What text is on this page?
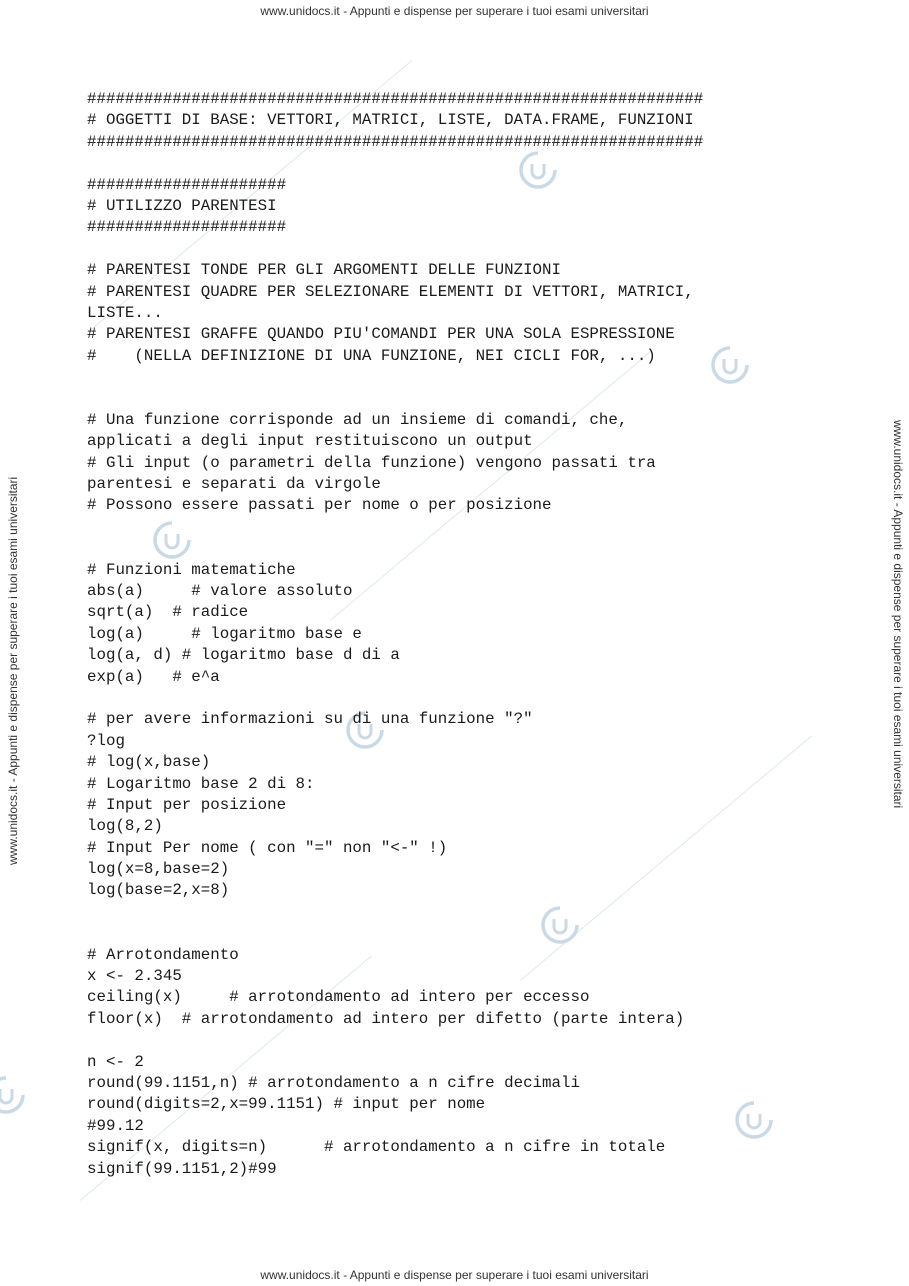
www.unidocs.it - Appunti e dispense per superare i tuoi esami universitari
www.unidocs.it - Appunti e dispense per superare i tuoi esami universitari
www.unidocs.it - Appunti e dispense per superare i tuoi esami universitari	www.unidocs.it - Appunti e dispense per superare i tuoi esami universitari
#################################################################
# OGGETTI DI BASE: VETTORI, MATRICI, LISTE, DATA.FRAME, FUNZIONI
#################################################################
#####################
# UTILIZZO PARENTESI
#####################
# PARENTESI TONDE PER GLI ARGOMENTI DELLE FUNZIONI
# PARENTESI QUADRE PER SELEZIONARE ELEMENTI DI VETTORI, MATRICI,
LISTE...
# PARENTESI GRAFFE QUANDO PIU'COMANDI PER UNA SOLA ESPRESSIONE
#    (NELLA DEFINIZIONE DI UNA FUNZIONE, NEI CICLI FOR, ...)
# Una funzione corrisponde ad un insieme di comandi, che,
applicati a degli input restituiscono un output
# Gli input (o parametri della funzione) vengono passati tra
parentesi e separati da virgole
# Possono essere passati per nome o per posizione
# Funzioni matematiche
abs(a)     # valore assoluto
sqrt(a)  # radice
log(a)     # logaritmo base e
log(a, d) # logaritmo base d di a
exp(a)   # e^a
# per avere informazioni su di una funzione "?"
?log
# log(x,base)
# Logaritmo base 2 di 8:
# Input per posizione
log(8,2)
# Input Per nome ( con "=" non "<-" !)
log(x=8,base=2)
log(base=2,x=8)
# Arrotondamento
x <- 2.345
ceiling(x)     # arrotondamento ad intero per eccesso
floor(x)  # arrotondamento ad intero per difetto (parte intera)
n <- 2
round(99.1151,n) # arrotondamento a n cifre decimali
round(digits=2,x=99.1151) # input per nome
#99.12
signif(x, digits=n)      # arrotondamento a n cifre in totale
signif(99.1151,2)#99
